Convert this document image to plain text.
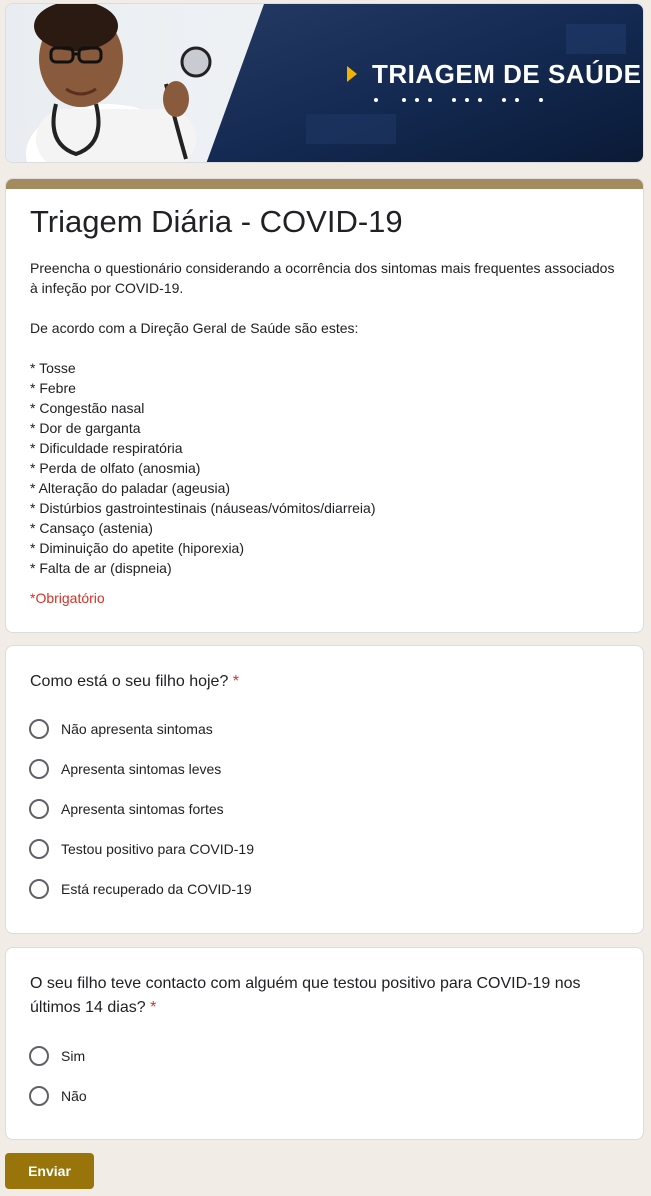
TRIAGEM DE SAÚDE
Triagem Diária - COVID-19

Preencha o questionário considerando a ocorrência dos sintomas mais frequentes associados à infeção por COVID-19.

De acordo com a Direção Geral de Saúde são estes:

* Tosse

* Febre

* Congestão nasal

* Dor de garganta

* Dificuldade respiratória

* Perda de olfato (anosmia)

* Alteração do paladar (ageusia)

* Distúrbios gastrointestinais (náuseas/vómitos/diarreia)

* Cansaço (astenia)

* Diminuição do apetite (hiporexia)

* Falta de ar (dispneia)

*Obrigatório
Como está o seu filho hoje? *
Não apresenta sintomas
Apresenta sintomas leves
Apresenta sintomas fortes
Testou positivo para COVID-19
Está recuperado da COVID-19
O seu filho teve contacto com alguém que testou positivo para COVID-19 nos últimos 14 dias? *
Sim
Não
Enviar
